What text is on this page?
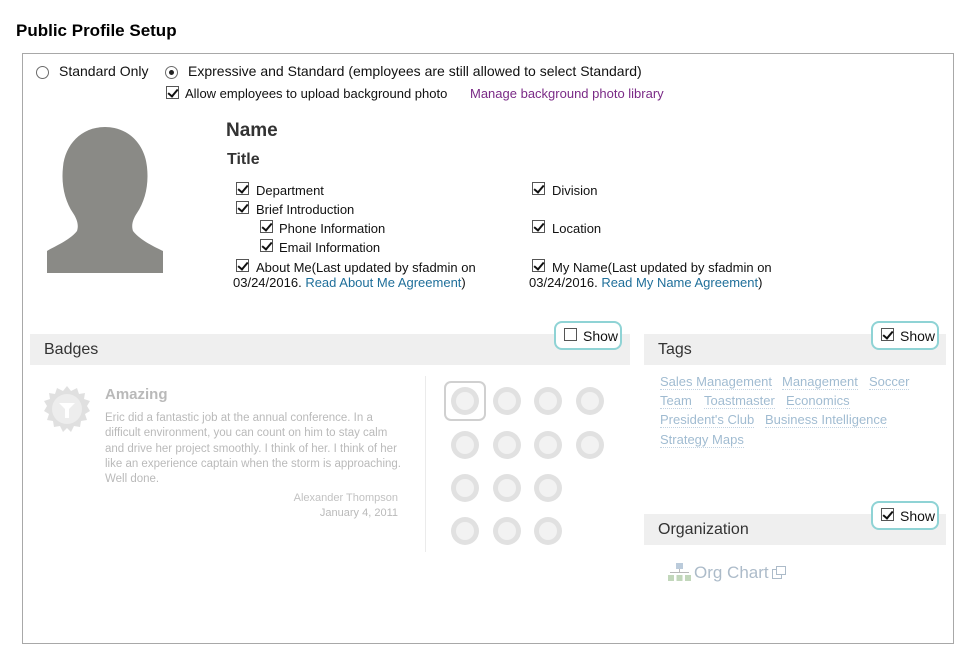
Public Profile Setup
Standard Only	Expressive and Standard (employees are still allowed to select Standard)
Allow employees to upload background photo Manage background photo library
Name
Title
Department
Brief Introduction
Phone Information
Email Information
About Me(Last updated by sfadmin on
03/24/2016. Read About Me Agreement)
Division
Location
My Name(Last updated by sfadmin on
03/24/2016. Read My Name Agreement)
Badges
Show
Amazing
Eric did a fantastic job at the annual conference. In a difficult environment, you can count on him to stay calm and drive her project smoothly. I think of her. I think of her like an experience captain when the storm is approaching. Well done.
Alexander Thompson
January 4, 2011
Tags
Show
Sales Management Management Soccer
Team Toastmaster Economics
President's Club Business Intelligence
Strategy Maps
Organization
Show
Org Chart
